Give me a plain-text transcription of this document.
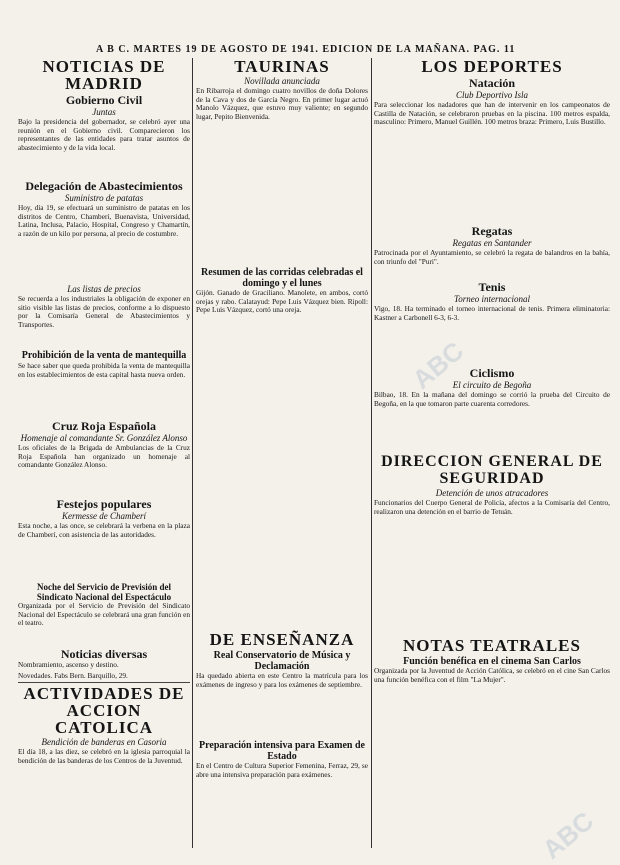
A B C. MARTES 19 DE AGOSTO DE 1941. EDICION DE LA MAÑANA. PAG. 11
NOTICIAS DE MADRID
Gobierno Civil
Juntas

Bajo la presidencia del gobernador, se celebró ayer una reunión en el Gobierno civil. Comparecieron los representantes de las entidades para tratar asuntos de abastecimiento y de la vida local.

Delegación de Abastecimientos
Suministro de patatas

Hoy, día 19, se efectuará un suministro de patatas en los distritos de Centro, Chamberí, Buenavista, Universidad, Latina, Inclusa, Palacio, Hospital, Congreso y Chamartín, a razón de un kilo por persona, al precio de costumbre.

Las listas de precios

Se recuerda a los industriales la obligación de exponer en sitio visible las listas de precios, conforme a lo dispuesto por la Comisaría General de Abastecimientos y Transportes.

Prohibición de la venta de mantequilla

Se hace saber que queda prohibida la venta de mantequilla en los establecimientos de esta capital hasta nueva orden.

Cruz Roja Española
Homenaje al comandante Sr. González Alonso

Los oficiales de la Brigada de Ambulancias de la Cruz Roja Española han organizado un homenaje al comandante González Alonso.

Festejos populares
Kermesse de Chamberí

Esta noche, a las once, se celebrará la verbena en la plaza de Chamberí, con asistencia de las autoridades.

Noche del Servicio de Previsión del Sindicato Nacional del Espectáculo

Organizada por el Servicio de Previsión del Sindicato Nacional del Espectáculo se celebrará una gran función en el teatro.

Noticias diversas

Nombramiento, ascenso y destino.

Novedades. Fabs Bern. Barquillo, 29.

ACTIVIDADES DE ACCION CATOLICA
Bendición de banderas en Casoria

El día 18, a las diez, se celebró en la iglesia parroquial la bendición de las banderas de los Centros de la Juventud.

TAURINAS
Novillada anunciada

En Ribarroja el domingo cuatro novillos de doña Dolores de la Cava y dos de García Negro. En primer lugar actuó Manolo Vázquez, que estuvo muy valiente; en segundo lugar, Pepito Bienvenida.

Resumen de las corridas celebradas el domingo y el lunes

Gijón. Ganado de Graciliano. Manolete, en ambos, cortó orejas y rabo. Calatayud: Pepe Luis Vázquez bien. Ripoll: Pepe Luis Vázquez, cortó una oreja.

DE ENSEÑANZA
Real Conservatorio de Música y Declamación

Ha quedado abierta en este Centro la matrícula para los exámenes de ingreso y para los exámenes de septiembre.

Preparación intensiva para Examen de Estado

En el Centro de Cultura Superior Femenina, Ferraz, 29, se abre una intensiva preparación para exámenes.

LOS DEPORTES
Natación
Club Deportivo Isla

Para seleccionar los nadadores que han de intervenir en los campeonatos de Castilla de Natación, se celebraron pruebas en la piscina. 100 metros espalda, masculino: Primero, Manuel Guillén. 100 metros braza: Primero, Luis Bustillo.

Regatas
Regatas en Santander

Patrocinada por el Ayuntamiento, se celebró la regata de balandros en la bahía, con triunfo del "Puri".

Tenis
Torneo internacional

Vigo, 18. Ha terminado el torneo internacional de tenis. Primera eliminatoria: Kastner a Carbonell 6-3, 6-3.

Ciclismo
El circuito de Begoña

Bilbao, 18. En la mañana del domingo se corrió la prueba del Circuito de Begoña, en la que tomaron parte cuarenta corredores.

DIRECCION GENERAL DE SEGURIDAD
Detención de unos atracadores

Funcionarios del Cuerpo General de Policía, afectos a la Comisaría del Centro, realizaron una detención en el barrio de Tetuán.

NOTAS TEATRALES
Función benéfica en el cinema San Carlos

Organizada por la Juventud de Acción Católica, se celebró en el cine San Carlos una función benéfica con el film "La Mujer".

ABC
ABC
